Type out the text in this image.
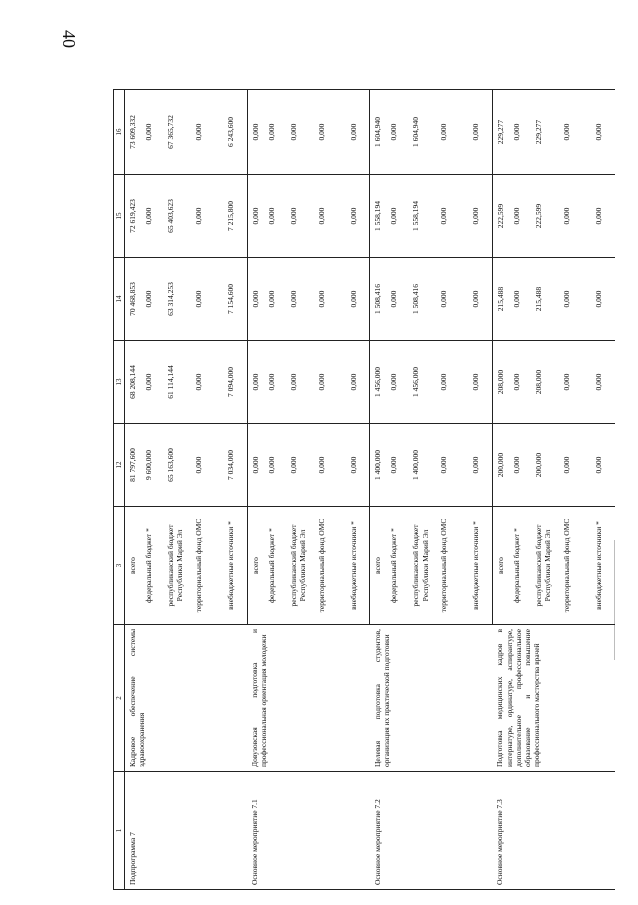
40
1	2	3	12	13	14	15	16
Подпрограмма 7	Кадровое обеспечение системы здравоохранения	всего	81 797,600	68 208,144	70 468,853	72 619,423	73 609,332
		федеральный бюджет *	9 600,000	0,000	0,000	0,000	0,000
		республиканский бюджет Республики Марий Эл	65 163,600	61 114,144	63 314,253	65 403,623	67 365,732
		территориальный фонд ОМС	0,000	0,000	0,000	0,000	0,000
		внебюджетные источники *	7 034,000	7 094,000	7 154,600	7 215,800	6 243,600
Основное мероприятие 7.1	Довузовская подготовка и профессиональная ориентация молодежи	всего	0,000	0,000	0,000	0,000	0,000
		федеральный бюджет *	0,000	0,000	0,000	0,000	0,000
		республиканский бюджет Республики Марий Эл	0,000	0,000	0,000	0,000	0,000
		территориальный фонд ОМС	0,000	0,000	0,000	0,000	0,000
		внебюджетные источники *	0,000	0,000	0,000	0,000	0,000
Основное мероприятие 7.2	Целевая подготовка студентов, организация их практической подготовки	всего	1 400,000	1 456,000	1 508,416	1 558,194	1 604,940
		федеральный бюджет *	0,000	0,000	0,000	0,000	0,000
		республиканский бюджет Республики Марий Эл	1 400,000	1 456,000	1 508,416	1 558,194	1 604,940
		территориальный фонд ОМС	0,000	0,000	0,000	0,000	0,000
		внебюджетные источники *	0,000	0,000	0,000	0,000	0,000
Основное мероприятие 7.3	Подготовка медицинских кадров в интернатуре, ординатуре, аспирантуре, дополнительное профессиональное образование и повышение профессионального мастерства врачей	всего	200,000	208,000	215,488	222,599	229,277
		федеральный бюджет *	0,000	0,000	0,000	0,000	0,000
		республиканский бюджет Республики Марий Эл	200,000	208,000	215,488	222,599	229,277
		территориальный фонд ОМС	0,000	0,000	0,000	0,000	0,000
		внебюджетные источники *	0,000	0,000	0,000	0,000	0,000
